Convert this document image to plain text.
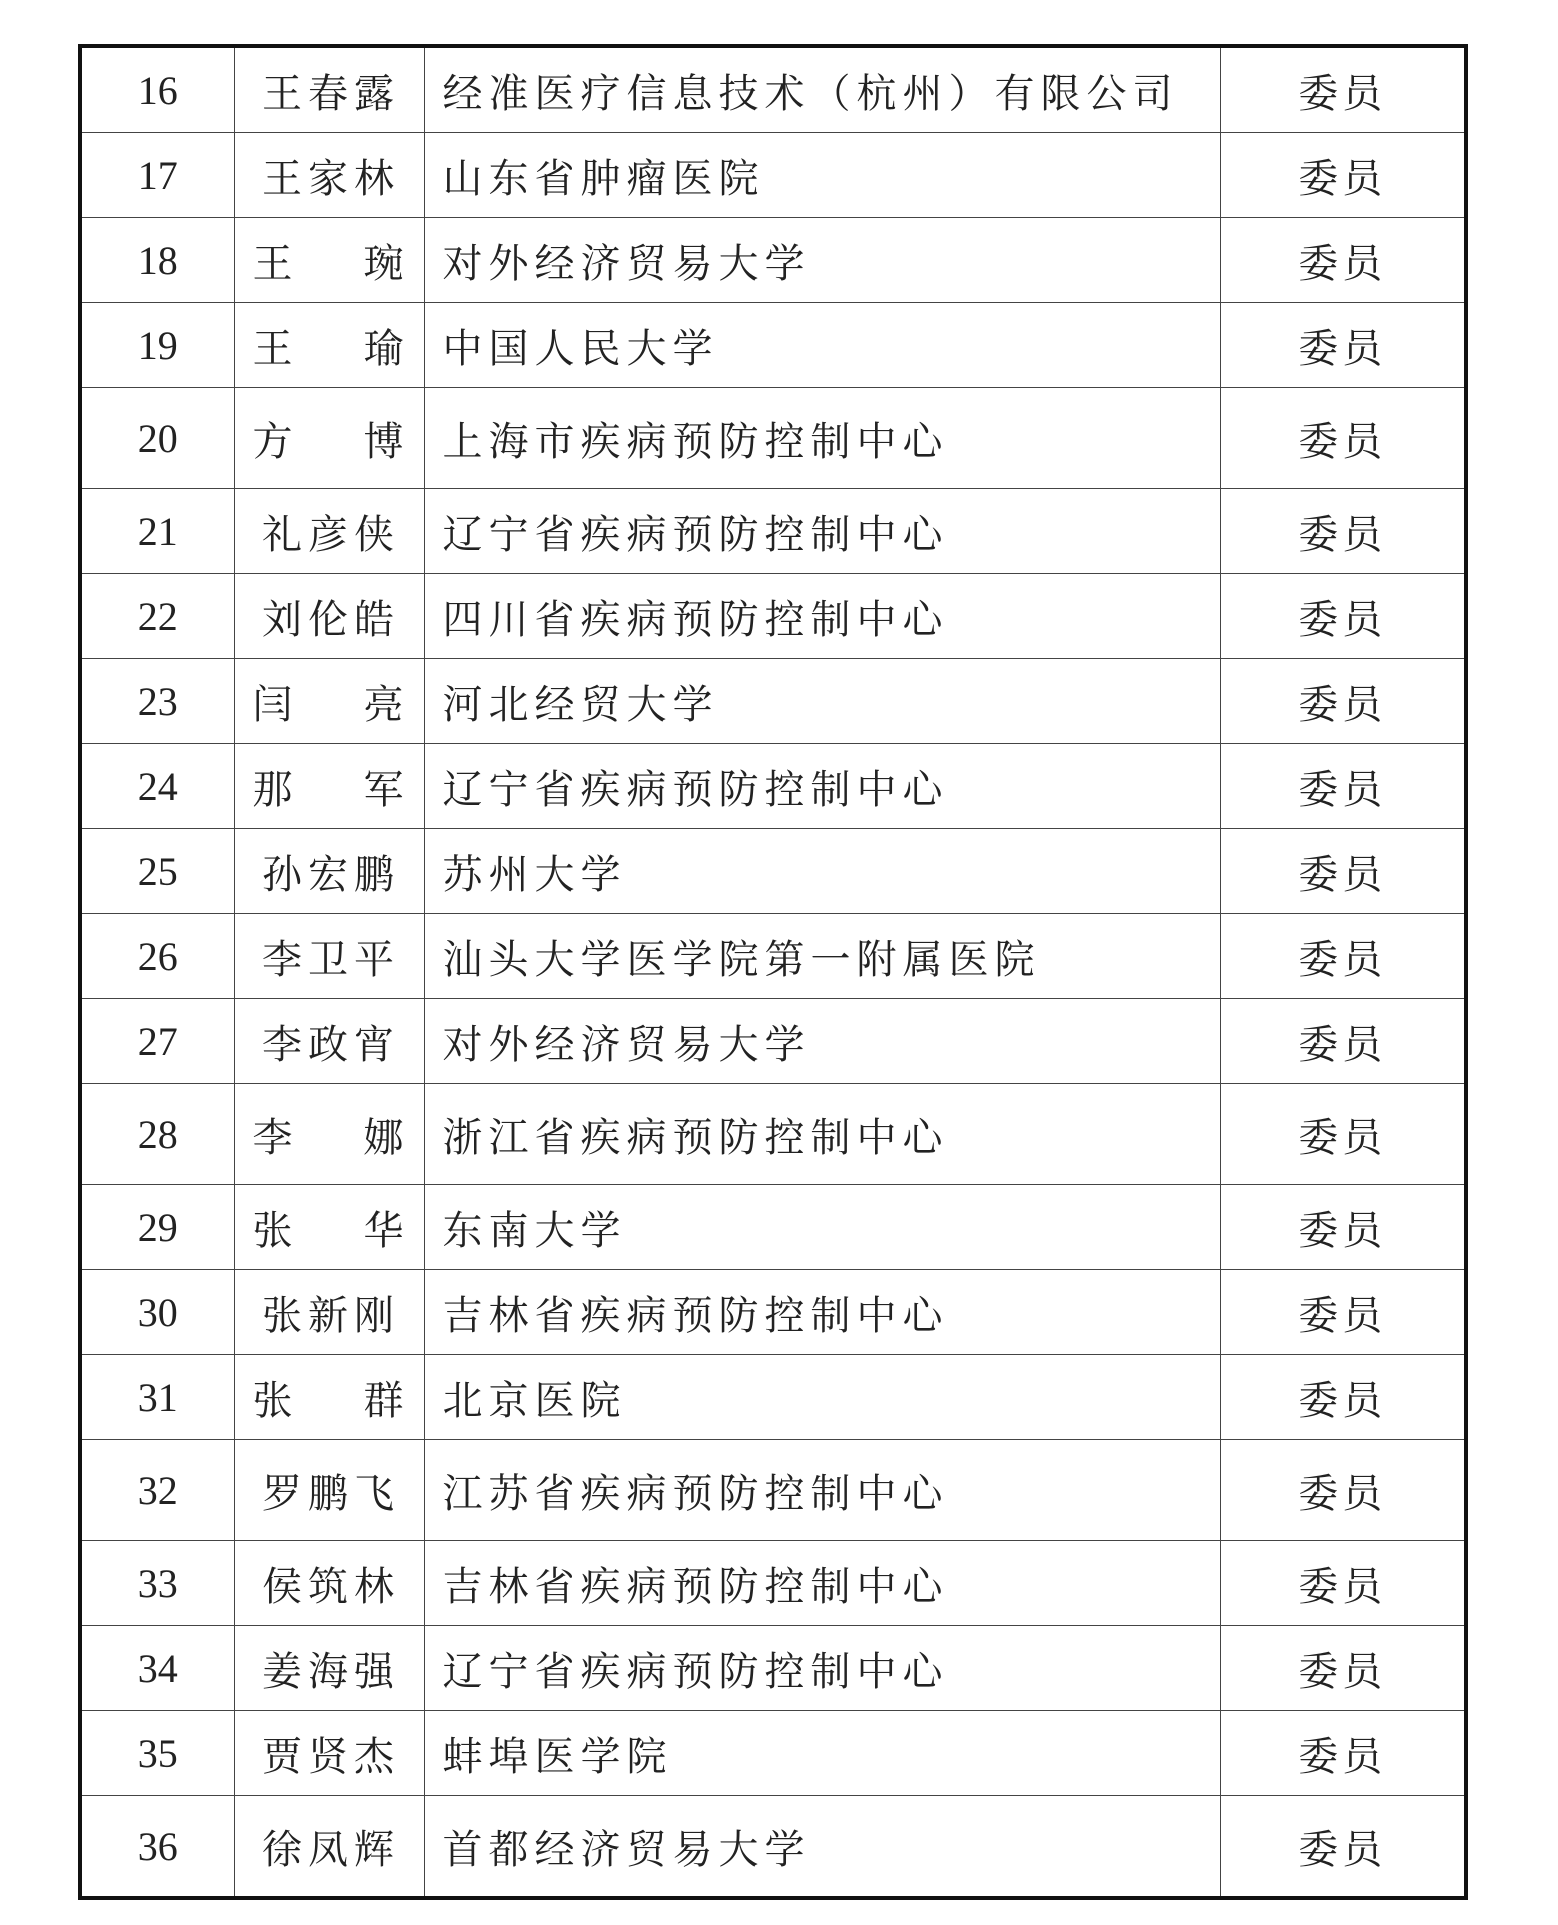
16	王春露	经准医疗信息技术（杭州）有限公司	委员
17	王家林	山东省肿瘤医院	委员
18	王　琬	对外经济贸易大学	委员
19	王　瑜	中国人民大学	委员
20	方　博	上海市疾病预防控制中心	委员
21	礼彦侠	辽宁省疾病预防控制中心	委员
22	刘伦皓	四川省疾病预防控制中心	委员
23	闫　亮	河北经贸大学	委员
24	那　军	辽宁省疾病预防控制中心	委员
25	孙宏鹏	苏州大学	委员
26	李卫平	汕头大学医学院第一附属医院	委员
27	李政宵	对外经济贸易大学	委员
28	李　娜	浙江省疾病预防控制中心	委员
29	张　华	东南大学	委员
30	张新刚	吉林省疾病预防控制中心	委员
31	张　群	北京医院	委员
32	罗鹏飞	江苏省疾病预防控制中心	委员
33	侯筑林	吉林省疾病预防控制中心	委员
34	姜海强	辽宁省疾病预防控制中心	委员
35	贾贤杰	蚌埠医学院	委员
36	徐凤辉	首都经济贸易大学	委员
